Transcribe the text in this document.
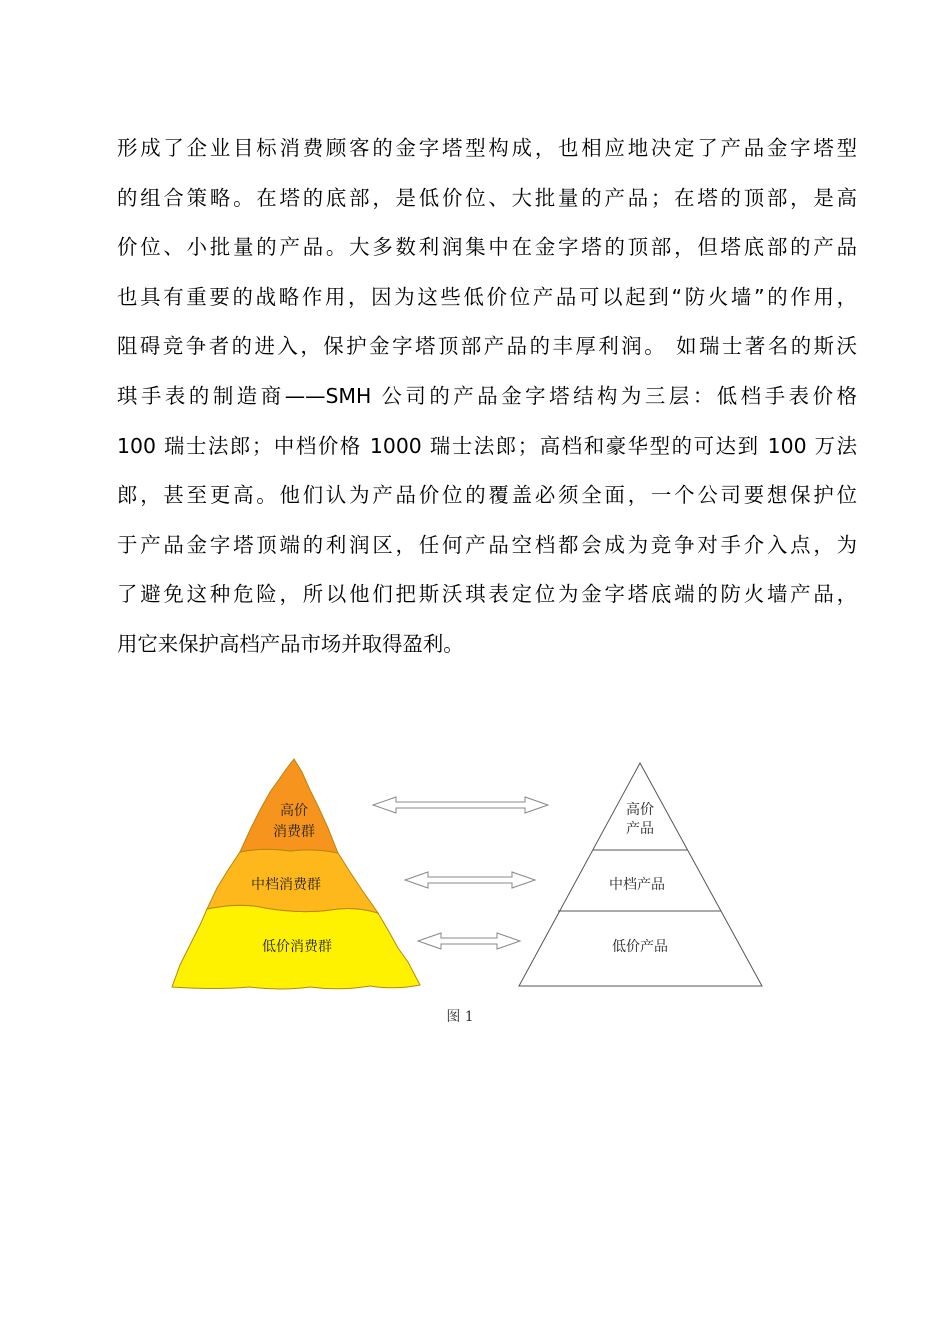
形成了企业目标消费顾客的金字塔型构成，也相应地决定了产品金字塔型
的组合策略。在塔的底部，是低价位、大批量的产品；在塔的顶部，是高
价位、小批量的产品。大多数利润集中在金字塔的顶部，但塔底部的产品
也具有重要的战略作用，因为这些低价位产品可以起到“防火墙”的作用，
阻碍竞争者的进入，保护金字塔顶部产品的丰厚利润。 如瑞士著名的斯沃
琪手表的制造商——SMH 公司的产品金字塔结构为三层：低档手表价格
100 瑞士法郎；中档价格 1000 瑞士法郎；高档和豪华型的可达到 100 万法
郎，甚至更高。他们认为产品价位的覆盖必须全面，一个公司要想保护位
于产品金字塔顶端的利润区，任何产品空档都会成为竞争对手介入点，为
了避免这种危险，所以他们把斯沃琪表定位为金字塔底端的防火墙产品，
用它来保护高档产品市场并取得盈利。
高价
消费群
中档消费群
低价消费群
高价
产品
中档产品
低价产品
图 1
